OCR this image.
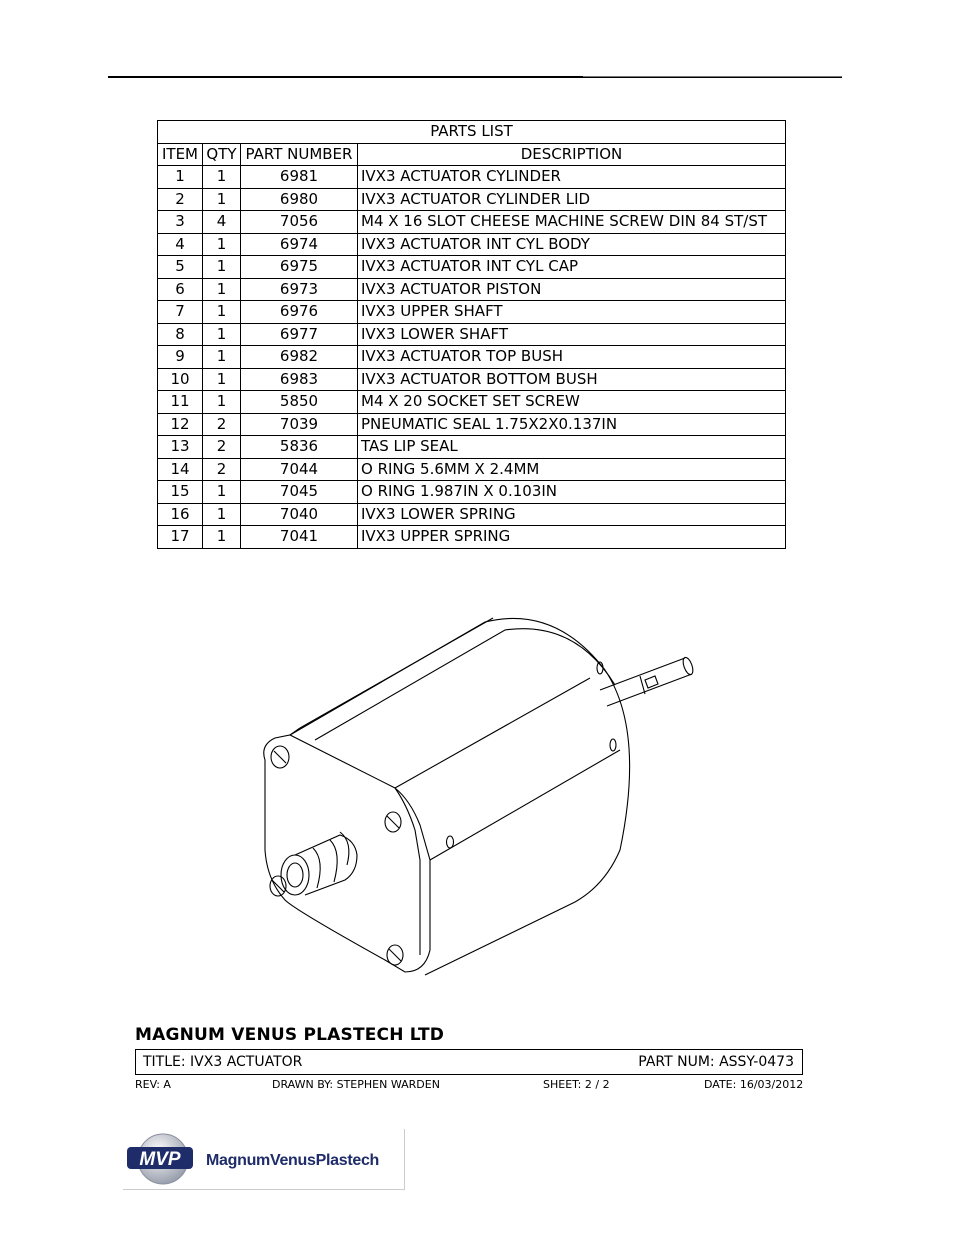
PARTS LIST			
ITEM	QTY	PART NUMBER	DESCRIPTION
1	1	6981	IVX3 ACTUATOR CYLINDER
2	1	6980	IVX3 ACTUATOR CYLINDER LID
3	4	7056	M4 X 16 SLOT CHEESE MACHINE SCREW DIN 84 ST/ST
4	1	6974	IVX3 ACTUATOR INT CYL BODY
5	1	6975	IVX3 ACTUATOR INT CYL CAP
6	1	6973	IVX3 ACTUATOR PISTON
7	1	6976	IVX3 UPPER SHAFT
8	1	6977	IVX3 LOWER SHAFT
9	1	6982	IVX3 ACTUATOR TOP BUSH
10	1	6983	IVX3 ACTUATOR BOTTOM BUSH
11	1	5850	M4 X 20 SOCKET SET SCREW
12	2	7039	PNEUMATIC SEAL 1.75X2X0.137IN
13	2	5836	TAS LIP SEAL
14	2	7044	O RING 5.6MM X 2.4MM
15	1	7045	O RING 1.987IN X 0.103IN
16	1	7040	IVX3 LOWER SPRING
17	1	7041	IVX3 UPPER SPRING
MAGNUM VENUS PLASTECH LTD
TITLE: IVX3 ACTUATOR	PART NUM: ASSY-0473
REV: A	DRAWN BY: STEPHEN WARDEN	SHEET: 2 / 2	DATE: 16/03/2012
MVP MagnumVenusPlastech
